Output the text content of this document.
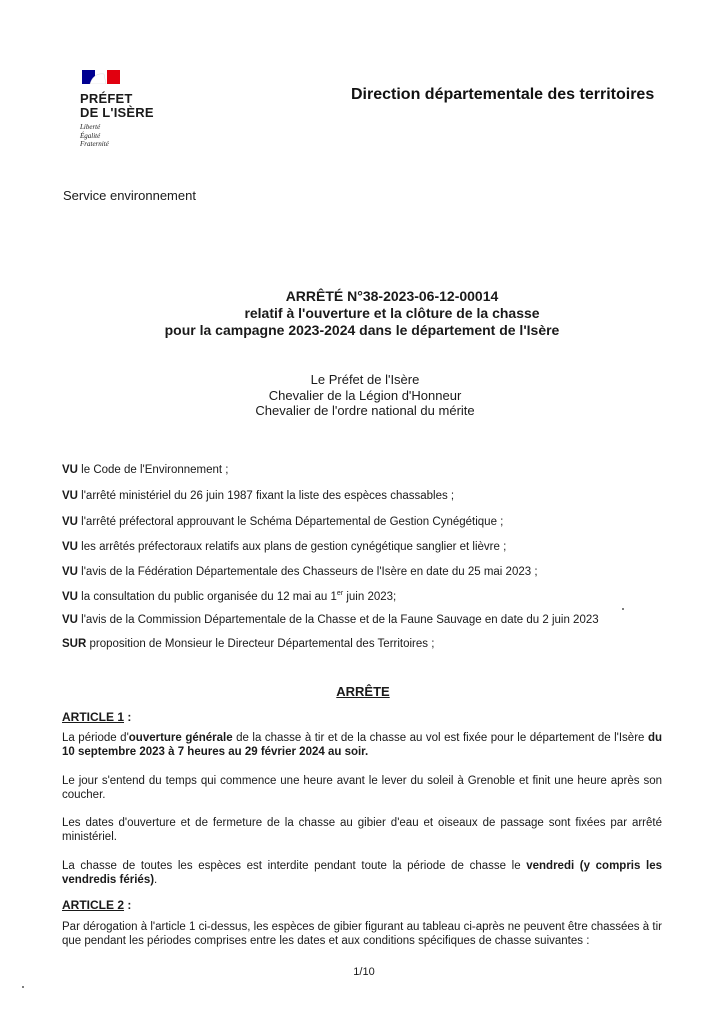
PRÉFET
DE L'ISÈRE
Liberté
Égalité
Fraternité
Direction départementale des territoires
Service environnement
ARRÊTÉ N°38-2023-06-12-00014
relatif à l'ouverture et la clôture de la chasse
pour la campagne 2023-2024 dans le département de l'Isère
Le Préfet de l'Isère
Chevalier de la Légion d'Honneur
Chevalier de l'ordre national du mérite
VU le Code de l'Environnement ;
VU l'arrêté ministériel du 26 juin 1987 fixant la liste des espèces chassables ;
VU l'arrêté préfectoral approuvant le Schéma Départemental de Gestion Cynégétique ;
VU les arrêtés préfectoraux relatifs aux plans de gestion cynégétique sanglier et lièvre ;
VU l'avis de la Fédération Départementale des Chasseurs de l'Isère en date du 25 mai 2023 ;
VU la consultation du public organisée du 12 mai au 1er juin 2023;
VU l'avis de la Commission Départementale de la Chasse et de la Faune Sauvage en date du 2 juin 2023
SUR proposition de Monsieur le Directeur Départemental des Territoires ;
ARRÊTE
ARTICLE 1 :
La période d'ouverture générale de la chasse à tir et de la chasse au vol est fixée pour le département de l'Isère du 10 septembre 2023 à 7 heures au 29 février 2024 au soir.
Le jour s'entend du temps qui commence une heure avant le lever du soleil à Grenoble et finit une heure après son coucher.
Les dates d'ouverture et de fermeture de la chasse au gibier d'eau et oiseaux de passage sont fixées par arrêté ministériel.
La chasse de toutes les espèces est interdite pendant toute la période de chasse le vendredi (y compris les vendredis fériés).
ARTICLE 2 :
Par dérogation à l'article 1 ci-dessus, les espèces de gibier figurant au tableau ci-après ne peuvent être chassées à tir que pendant les périodes comprises entre les dates et aux conditions spécifiques de chasse suivantes :
1/10
